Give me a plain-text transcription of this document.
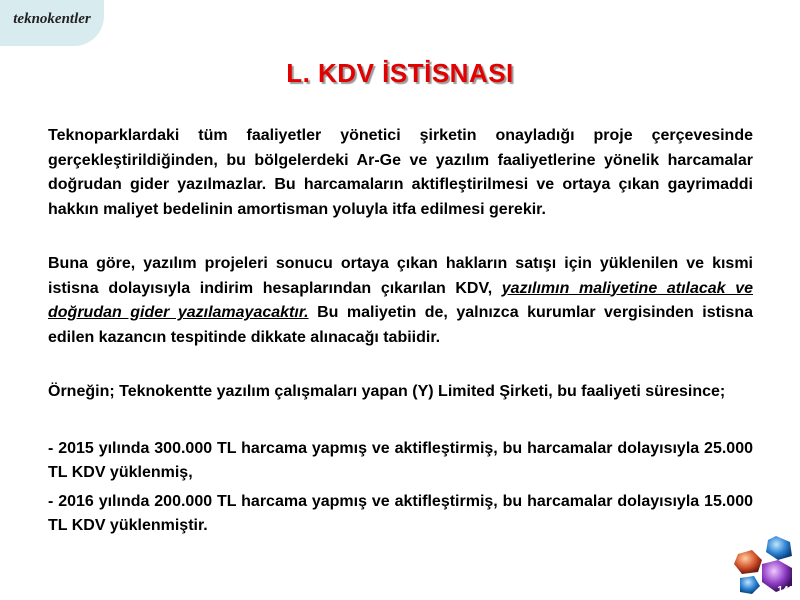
teknokentler
L. KDV İSTİSNASI

Teknoparklardaki tüm faaliyetler yönetici şirketin onayladığı proje çerçevesinde gerçekleştirildiğinden, bu bölgelerdeki Ar-Ge ve yazılım faaliyetlerine yönelik harcamalar doğrudan gider yazılmazlar. Bu harcamaların aktifleştirilmesi ve ortaya çıkan gayrimaddi hakkın maliyet bedelinin amortisman yoluyla itfa edilmesi gerekir.

Buna göre, yazılım projeleri sonucu ortaya çıkan hakların satışı için yüklenilen ve kısmi istisna dolayısıyla indirim hesaplarından çıkarılan KDV, yazılımın maliyetine atılacak ve doğrudan gider yazılamayacaktır. Bu maliyetin de, yalnızca kurumlar vergisinden istisna edilen kazancın tespitinde dikkate alınacağı tabiidir.

Örneğin; Teknokentte yazılım çalışmaları yapan (Y) Limited Şirketi, bu faaliyeti süresince;

- 2015 yılında 300.000 TL harcama yapmış ve aktifleştirmiş, bu harcamalar dolayısıyla 25.000 TL KDV yüklenmiş,

- 2016 yılında 200.000 TL harcama yapmış ve aktifleştirmiş, bu harcamalar dolayısıyla 15.000 TL KDV yüklenmiştir.

140
